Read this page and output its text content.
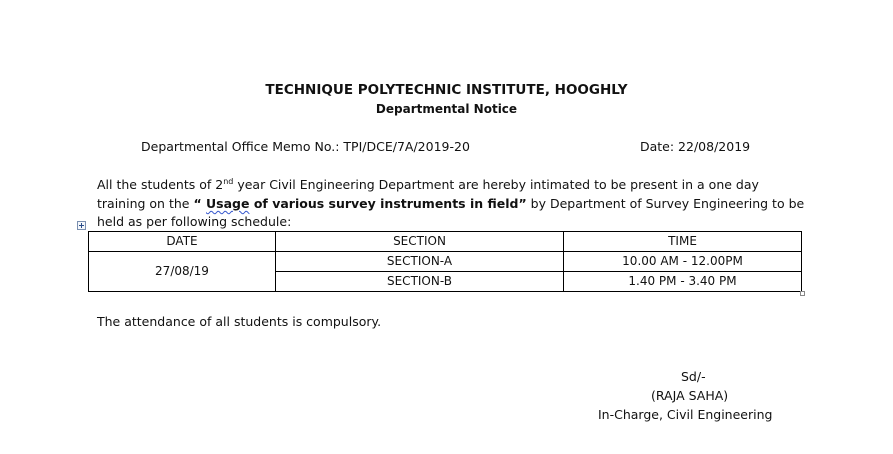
TECHNIQUE POLYTECHNIC INSTITUTE, HOOGHLY
Departmental Notice
Departmental Office Memo No.: TPI/DCE/7A/2019-20	Date: 22/08/2019
All the students of 2nd year Civil Engineering Department are hereby intimated to be present in a one day
training on the “ Usage of various survey instruments in field” by Department of Survey Engineering to be
held as per following schedule:
DATE	SECTION	TIME
27/08/19	SECTION-A	10.00 AM - 12.00PM
	SECTION-B	1.40 PM - 3.40 PM
The attendance of all students is compulsory.
Sd/-
(RAJA SAHA)
In-Charge, Civil Engineering
